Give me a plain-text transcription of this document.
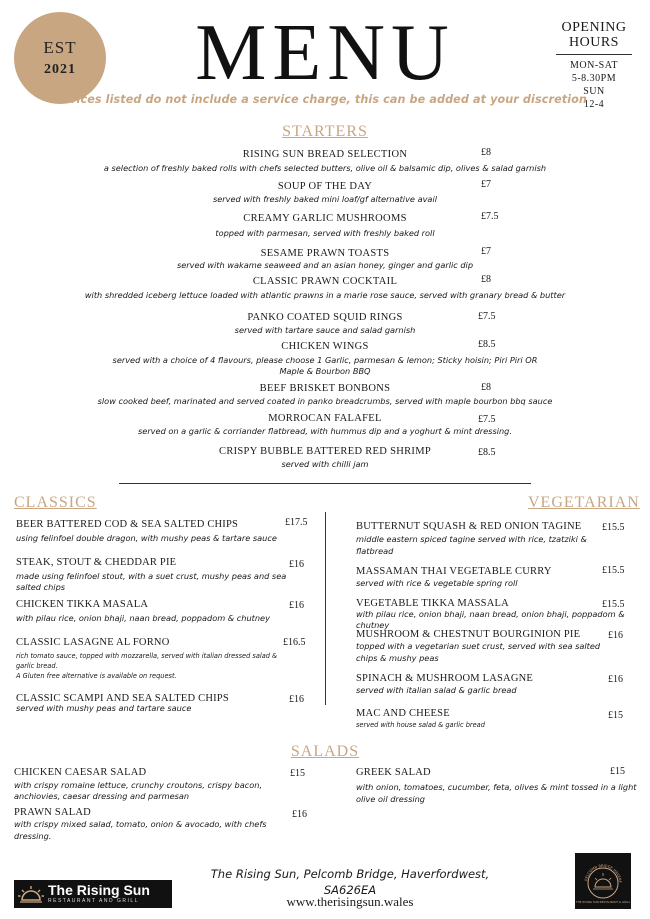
EST
2021	MENU	OPENING
HOURS
MON-SAT
5-8.30PM
SUN
12-4
Prices listed do not include a service charge, this can be added at your discretion
STARTERS
RISING SUN BREAD SELECTION	£8
a selection of freshly baked rolls with chefs selected butters, olive oil & balsamic dip, olives & salad garnish
SOUP OF THE DAY	£7
served with freshly baked mini loaf/gf alternative avail
CREAMY GARLIC MUSHROOMS	£7.5
topped with parmesan, served with freshly baked roll
SESAME PRAWN TOASTS	£7
served with wakame seaweed and an asian honey, ginger and garlic dip
CLASSIC PRAWN COCKTAIL	£8
with shredded iceberg lettuce loaded with atlantic prawns in a marie rose sauce, served with granary bread & butter
PANKO COATED SQUID RINGS	£7.5
served with tartare sauce and salad garnish
CHICKEN WINGS	£8.5
served with a choice of 4 flavours, please choose 1 Garlic, parmesan & lemon; Sticky hoisin; Piri Piri OR
Maple & Bourbon BBQ
BEEF BRISKET BONBONS	£8
slow cooked beef, marinated and served coated in panko breadcrumbs, served with maple bourbon bbq sauce
MORROCAN FALAFEL	£7.5
served on a garlic & corriander flatbread, with hummus dip and a yoghurt & mint dressing.
CRISPY BUBBLE BATTERED RED SHRIMP	£8.5
served with chilli jam
CLASSICS
BEER BATTERED COD & SEA SALTED CHIPS	£17.5
using felinfoel double dragon, with mushy peas & tartare sauce
STEAK, STOUT & CHEDDAR PIE	£16
made using felinfoel stout, with a suet crust, mushy peas and sea
salted chips
CHICKEN TIKKA MASALA	£16
with pilau rice, onion bhaji, naan bread, poppadom & chutney
CLASSIC LASAGNE AL FORNO	£16.5
rich tomato sauce, topped with mozzarella, served with italian dressed salad &
garlic bread.
A Gluten free alternative is available on request.
CLASSIC SCAMPI AND SEA SALTED CHIPS	£16
served with mushy peas and tartare sauce
VEGETARIAN
BUTTERNUT SQUASH & RED ONION TAGINE £15.5
middle eastern spiced tagine served with rice, tzatziki &
flatbread
MASSAMAN THAI VEGETABLE CURRY	£15.5
served with rice & vegetable spring roll
VEGETABLE TIKKA MASSALA	£15.5
with pilau rice, onion bhaji, naan bread, onion bhaji, poppadom & chutney
MUSHROOM & CHESTNUT BOURGINION PIE	£16
topped with a vegetarian suet crust, served with sea salted
chips & mushy peas
SPINACH & MUSHROOM LASAGNE	£16
served with italian salad & garlic bread
MAC AND CHEESE	£15
served with house salad & garlic bread
SALADS
CHICKEN CAESAR SALAD	£15
with crispy romaine lettuce, crunchy croutons, crispy bacon,
anchiovies, caesar dressing and parmesan
GREEK SALAD	£15
with onion, tomatoes, cucumber, feta, olives & mint tossed in a light
olive oil dressing
PRAWN SALAD	£16
with crispy mixed salad, tomato, onion & avocado, with chefs
dressing.
The Rising Sun, Pelcomb Bridge, Haverfordwest,
SA626EA
www.therisingsun.wales
The Rising Sun
RESTAURANT AND GRILL
PELCOMB BRIDGE HAVERF
THE RISING SUN RESTAURANT & GRILL
